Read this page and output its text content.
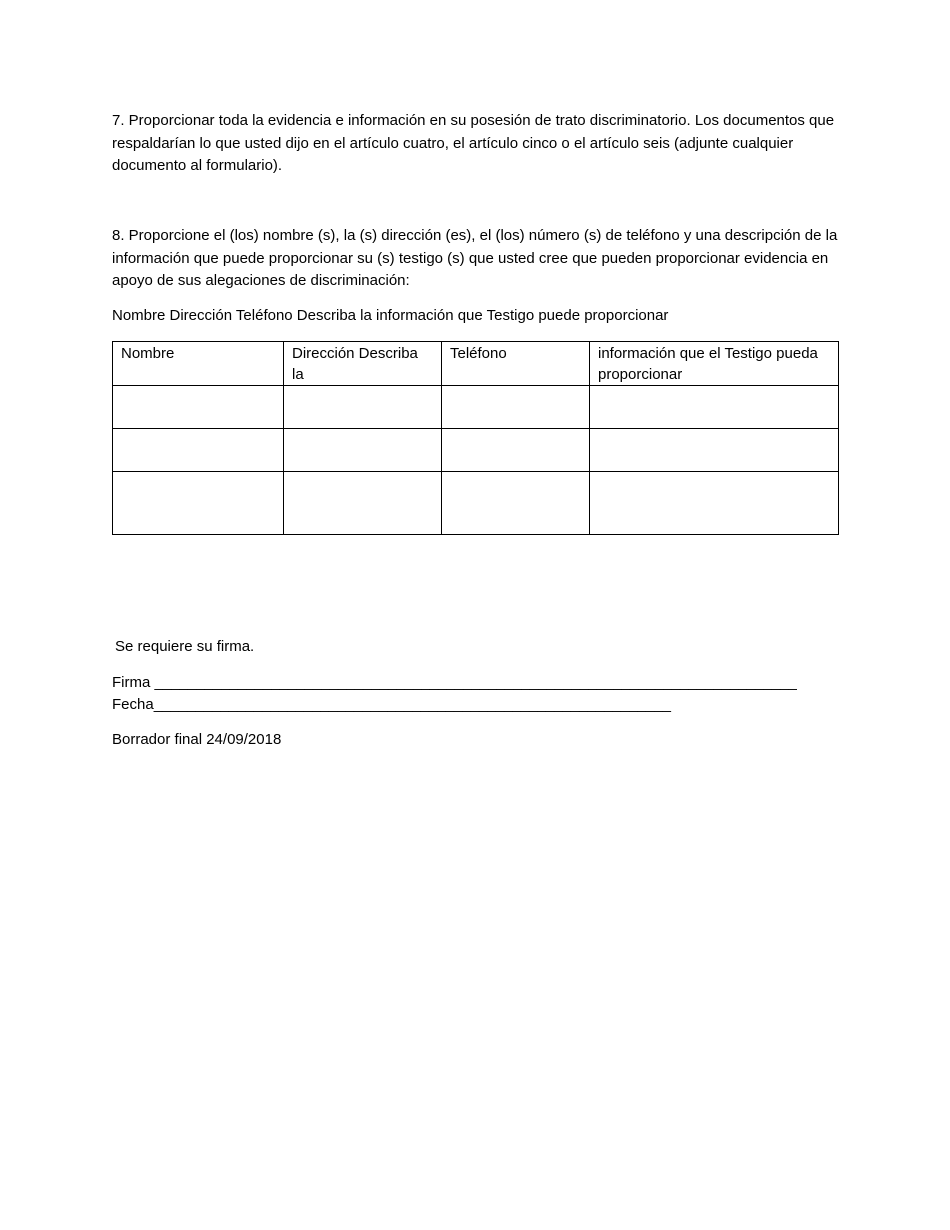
7. Proporcionar toda la evidencia e información en su posesión de trato discriminatorio. Los documentos que respaldarían lo que usted dijo en el artículo cuatro, el artículo cinco o el artículo seis (adjunte cualquier documento al formulario).

8. Proporcione el (los) nombre (s), la (s) dirección (es), el (los) número (s) de teléfono y una descripción de la información que puede proporcionar su (s) testigo (s) que usted cree que pueden proporcionar evidencia en apoyo de sus alegaciones de discriminación:

Nombre Dirección Teléfono Describa la información que Testigo puede proporcionar

Nombre	Dirección Describa la	Teléfono	información que el Testigo pueda proporcionar

Se requiere su firma.

Firma _____________________________________________________________________________

Fecha______________________________________________________________

Borrador final 24/09/2018
